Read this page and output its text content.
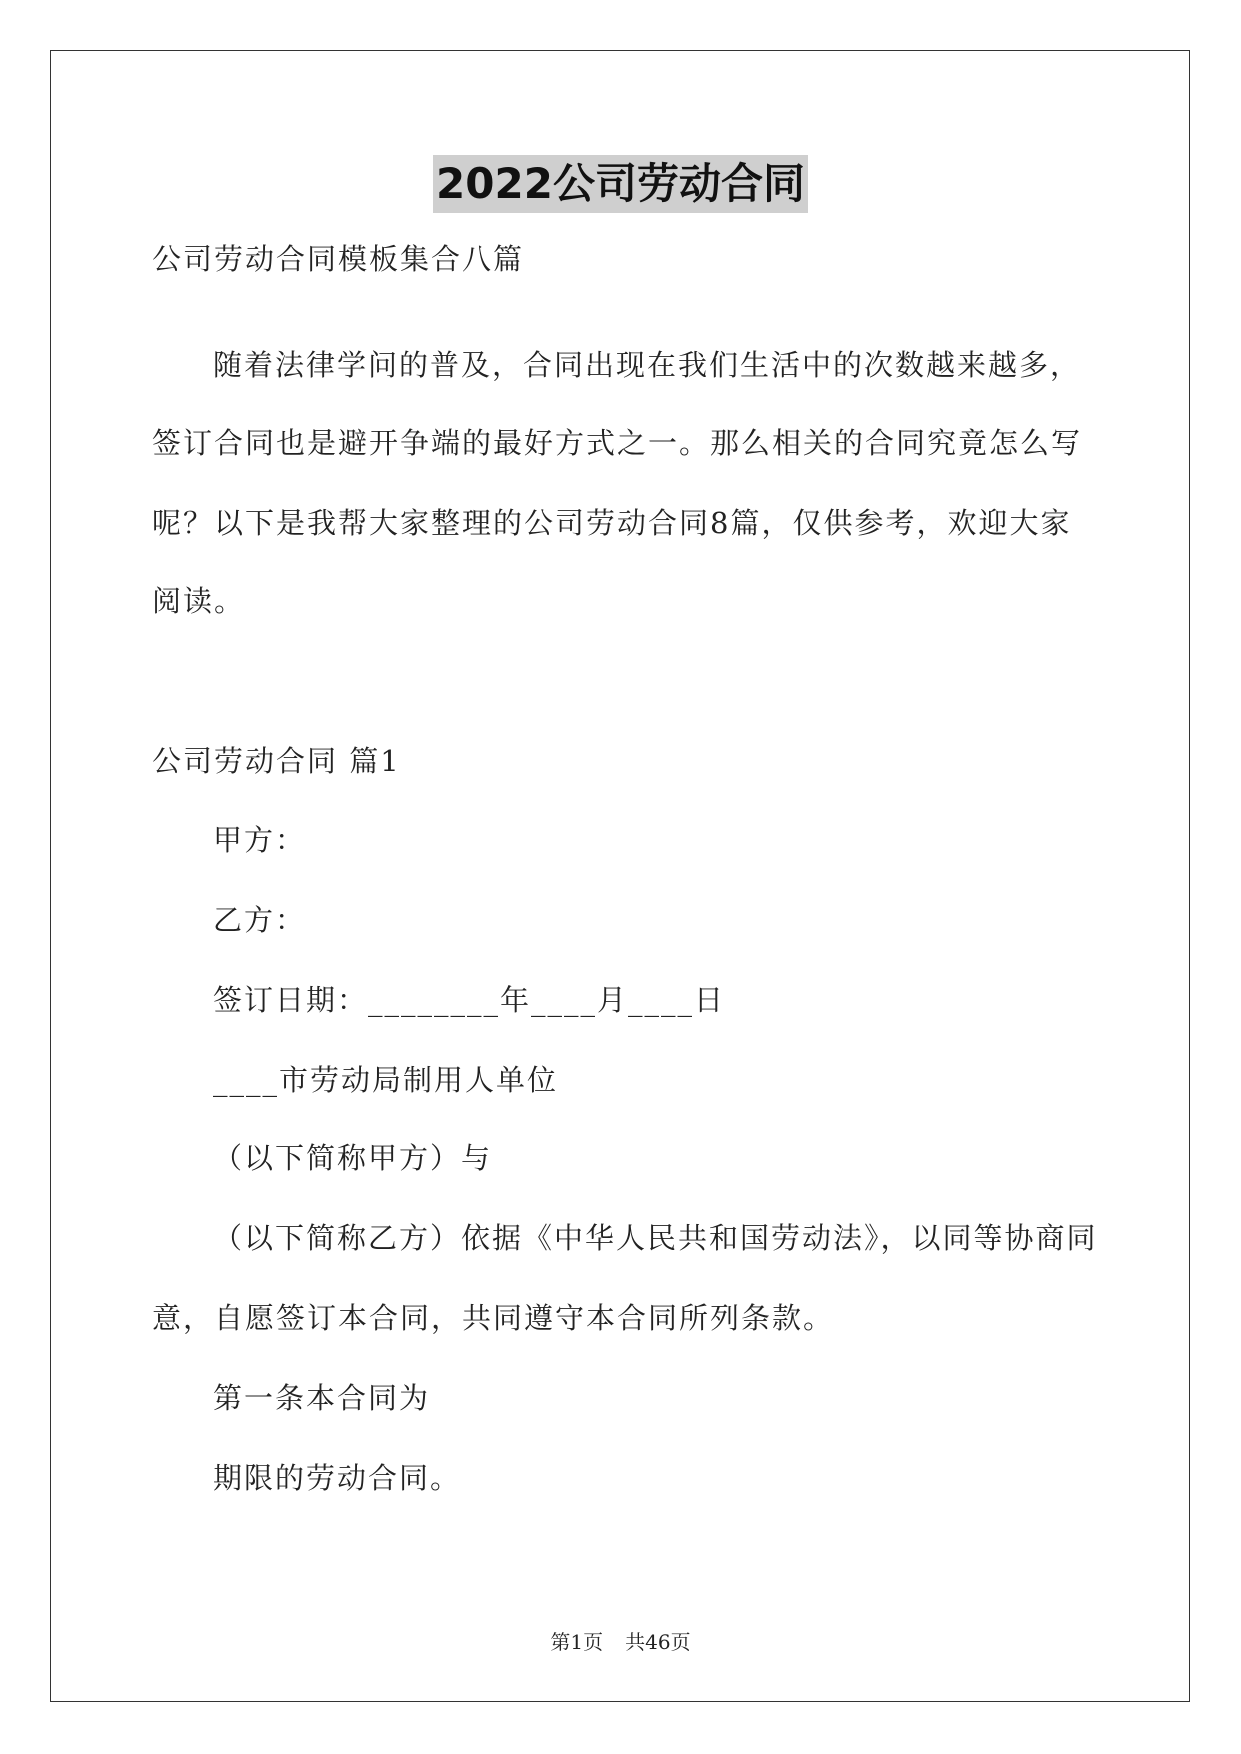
2022公司劳动合同
公司劳动合同模板集合八篇
随着法律学问的普及，合同出现在我们生活中的次数越来越多，
签订合同也是避开争端的最好方式之一。那么相关的合同究竟怎么写
呢？以下是我帮大家整理的公司劳动合同8篇，仅供参考，欢迎大家
阅读。
公司劳动合同 篇1
甲方：
乙方：
签订日期：________年____月____日
____市劳动局制用人单位
（以下简称甲方）与
（以下简称乙方）依据《中华人民共和国劳动法》，以同等协商同
意，自愿签订本合同，共同遵守本合同所列条款。
第一条本合同为
期限的劳动合同。
第1页 共46页
